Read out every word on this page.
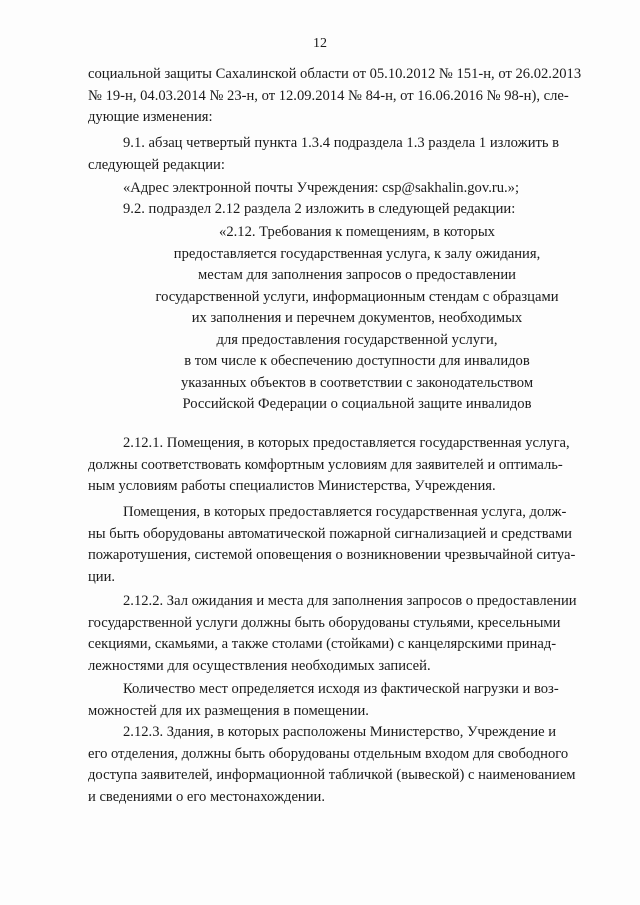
12

социальной защиты Сахалинской области от 05.10.2012 № 151-н, от 26.02.2013
№ 19-н, 04.03.2014 № 23-н, от 12.09.2014 № 84-н, от 16.06.2016 № 98-н), сле-
дующие изменения:

9.1. абзац четвертый пункта 1.3.4 подраздела 1.3 раздела 1 изложить в
следующей редакции:

«Адрес электронной почты Учреждения: csp@sakhalin.gov.ru.»;

9.2. подраздел 2.12 раздела 2 изложить в следующей редакции:

«2.12. Требования к помещениям, в которых
предоставляется государственная услуга, к залу ожидания,
местам для заполнения запросов о предоставлении
государственной услуги, информационным стендам с образцами
их заполнения и перечнем документов, необходимых
для предоставления государственной услуги,
в том числе к обеспечению доступности для инвалидов
указанных объектов в соответствии с законодательством
Российской Федерации о социальной защите инвалидов

2.12.1. Помещения, в которых предоставляется государственная услуга,
должны соответствовать комфортным условиям для заявителей и оптималь-
ным условиям работы специалистов Министерства, Учреждения.

Помещения, в которых предоставляется государственная услуга, долж-
ны быть оборудованы автоматической пожарной сигнализацией и средствами
пожаротушения, системой оповещения о возникновении чрезвычайной ситуа-
ции.

2.12.2. Зал ожидания и места для заполнения запросов о предоставлении
государственной услуги должны быть оборудованы стульями, кресельными
секциями, скамьями, а также столами (стойками) с канцелярскими принад-
лежностями для осуществления необходимых записей.

Количество мест определяется исходя из фактической нагрузки и воз-
можностей для их размещения в помещении.

2.12.3. Здания, в которых расположены Министерство, Учреждение и
его отделения, должны быть оборудованы отдельным входом для свободного
доступа заявителей, информационной табличкой (вывеской) с наименованием
и сведениями о его местонахождении.
